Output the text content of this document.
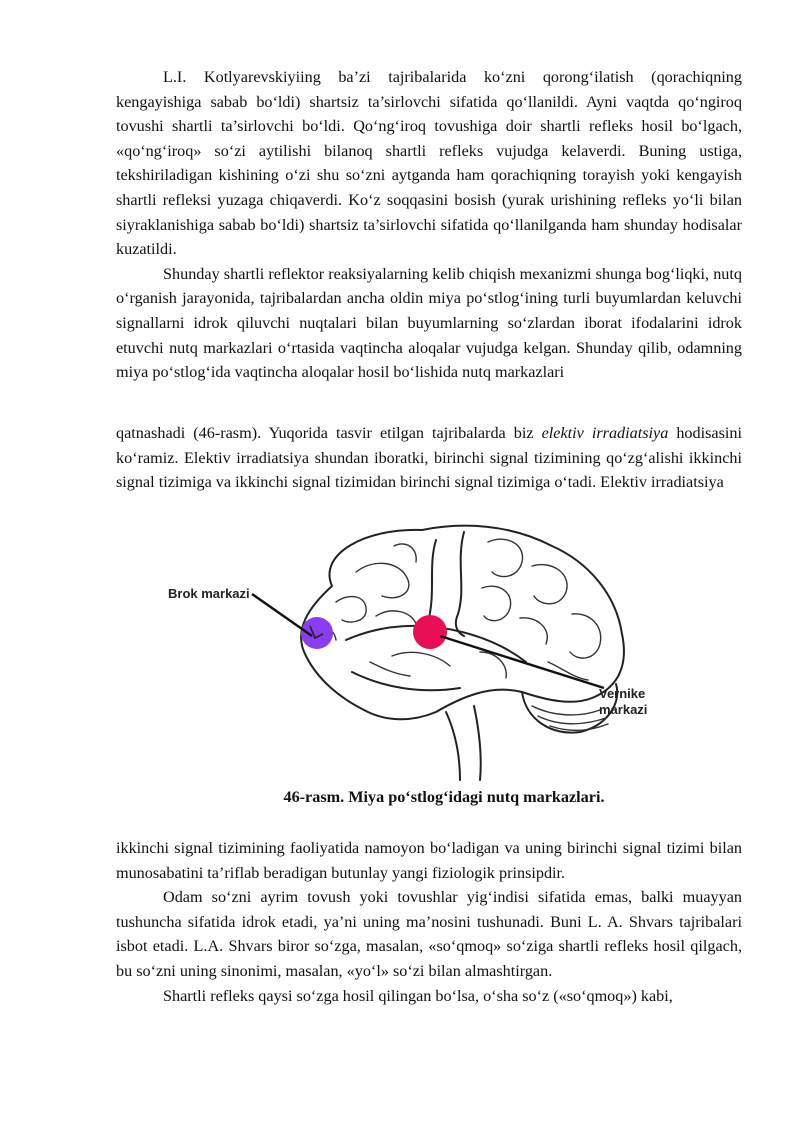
L.I. Kotlyarevskiyiing ba’zi tajribalarida ko‘zni qorong‘ilatish (qorachiqning kengayishiga sabab bo‘ldi) shartsiz ta’sirlovchi sifatida qo‘llanildi. Ayni vaqtda qo‘ngiroq tovushi shartli ta’sirlovchi bo‘ldi. Qo‘ng‘iroq tovushiga doir shartli refleks hosil bo‘lgach, «qo‘ng‘iroq» so‘zi aytilishi bilanoq shartli refleks vujudga kelaverdi. Buning ustiga, tekshiriladigan kishining o‘zi shu so‘zni aytganda ham qorachiqning torayish yoki kengayish shartli refleksi yuzaga chiqaverdi. Ko‘z soqqasini bosish (yurak urishining refleks yo‘li bilan siyraklanishiga sabab bo‘ldi) shartsiz ta’sirlovchi sifatida qo‘llanilganda ham shunday hodisalar kuzatildi.

Shunday shartli reflektor reaksiyalarning kelib chiqish mexanizmi shunga bog‘liqki, nutq o‘rganish jarayonida, tajribalardan ancha oldin miya po‘stlog‘ining turli buyumlardan keluvchi signallarni idrok qiluvchi nuqtalari bilan buyumlarning so‘zlardan iborat ifodalarini idrok etuvchi nutq markazlari o‘rtasida vaqtincha aloqalar vujudga kelgan. Shunday qilib, odamning miya po‘stlog‘ida vaqtincha aloqalar hosil bo‘lishida nutq markazlari

qatnashadi (46-rasm). Yuqorida tasvir etilgan tajribalarda biz elektiv irradiatsiya hodisasini ko‘ramiz. Elektiv irradiatsiya shundan iboratki, birinchi signal tizimining qo‘zg‘alishi ikkinchi signal tizimiga va ikkinchi signal tizimidan birinchi signal tizimiga o‘tadi. Elektiv irradiatsiya

Brok markazi
Vernike
markazi
46-rasm. Miya po‘stlog‘idagi nutq markazlari.

ikkinchi signal tizimining faoliyatida namoyon bo‘ladigan va uning birinchi signal tizimi bilan munosabatini ta’riflab beradigan butunlay yangi fiziologik prinsipdir.

Odam so‘zni ayrim tovush yoki tovushlar yig‘indisi sifatida emas, balki muayyan tushuncha sifatida idrok etadi, ya’ni uning ma’nosini tushunadi. Buni L. A. Shvars tajribalari isbot etadi. L.A. Shvars biror so‘zga, masalan, «so‘qmoq» so‘ziga shartli refleks hosil qilgach, bu so‘zni uning sinonimi, masalan, «yo‘l» so‘zi bilan almashtirgan.

Shartli refleks qaysi so‘zga hosil qilingan bo‘lsa, o‘sha so‘z («so‘qmoq») kabi,
